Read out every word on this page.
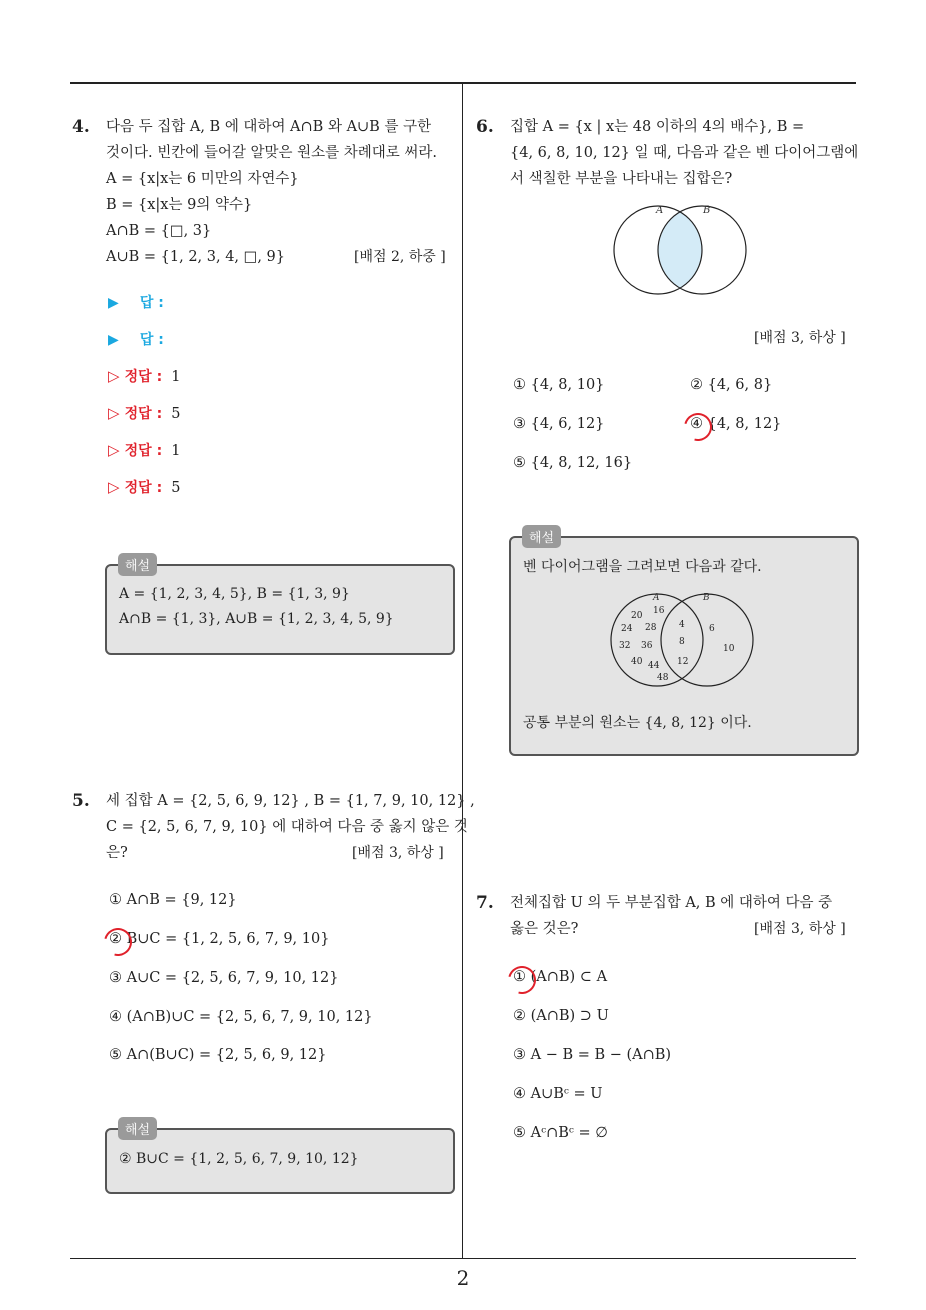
4. 다음 두 집합 A, B 에 대하여 A∩B 와 A∪B 를 구한
것이다. 빈칸에 들어갈 알맞은 원소를 차례대로 써라.
A = {x|x는 6 미만의 자연수}
B = {x|x는 9의 약수}
A∩B = {□, 3}
A∪B = {1, 2, 3, 4, □, 9}	[배점 2, 하중 ]
▶ 답 :
▶ 답 :
▷ 정답 : 1
▷ 정답 : 5
▷ 정답 : 1
▷ 정답 : 5
해설
A = {1, 2, 3, 4, 5}, B = {1, 3, 9}
A∩B = {1, 3}, A∪B = {1, 2, 3, 4, 5, 9}
5. 세 집합 A = {2, 5, 6, 9, 12} , B = {1, 7, 9, 10, 12} ,
C = {2, 5, 6, 7, 9, 10} 에 대하여 다음 중 옳지 않은 것
은?	[배점 3, 하상 ]
① A∩B = {9, 12}
② B∪C = {1, 2, 5, 6, 7, 9, 10}
③ A∪C = {2, 5, 6, 7, 9, 10, 12}
④ (A∩B)∪C = {2, 5, 6, 7, 9, 10, 12}
⑤ A∩(B∪C) = {2, 5, 6, 9, 12}
해설
② B∪C = {1, 2, 5, 6, 7, 9, 10, 12}
6. 집합 A = {x | x는 48 이하의 4의 배수}, B =
{4, 6, 8, 10, 12} 일 때, 다음과 같은 벤 다이어그램에
서 색칠한 부분을 나타내는 집합은?
A	B
[배점 3, 하상 ]
① {4, 8, 10}	② {4, 6, 8}
③ {4, 6, 12}	④ {4, 8, 12}
⑤ {4, 8, 12, 16}
해설
벤 다이어그램을 그려보면 다음과 같다.
A	B
16
20
28
24
32 36
40 44
48
4
8
12
6
10
공통 부분의 원소는 {4, 8, 12} 이다.
7. 전체집합 U 의 두 부분집합 A, B 에 대하여 다음 중
옳은 것은?	[배점 3, 하상 ]
① (A∩B) ⊂ A
② (A∩B) ⊃ U
③ A − B = B − (A∩B)
④ A∪Bᶜ = U
⑤ Aᶜ∩Bᶜ = ∅
2
